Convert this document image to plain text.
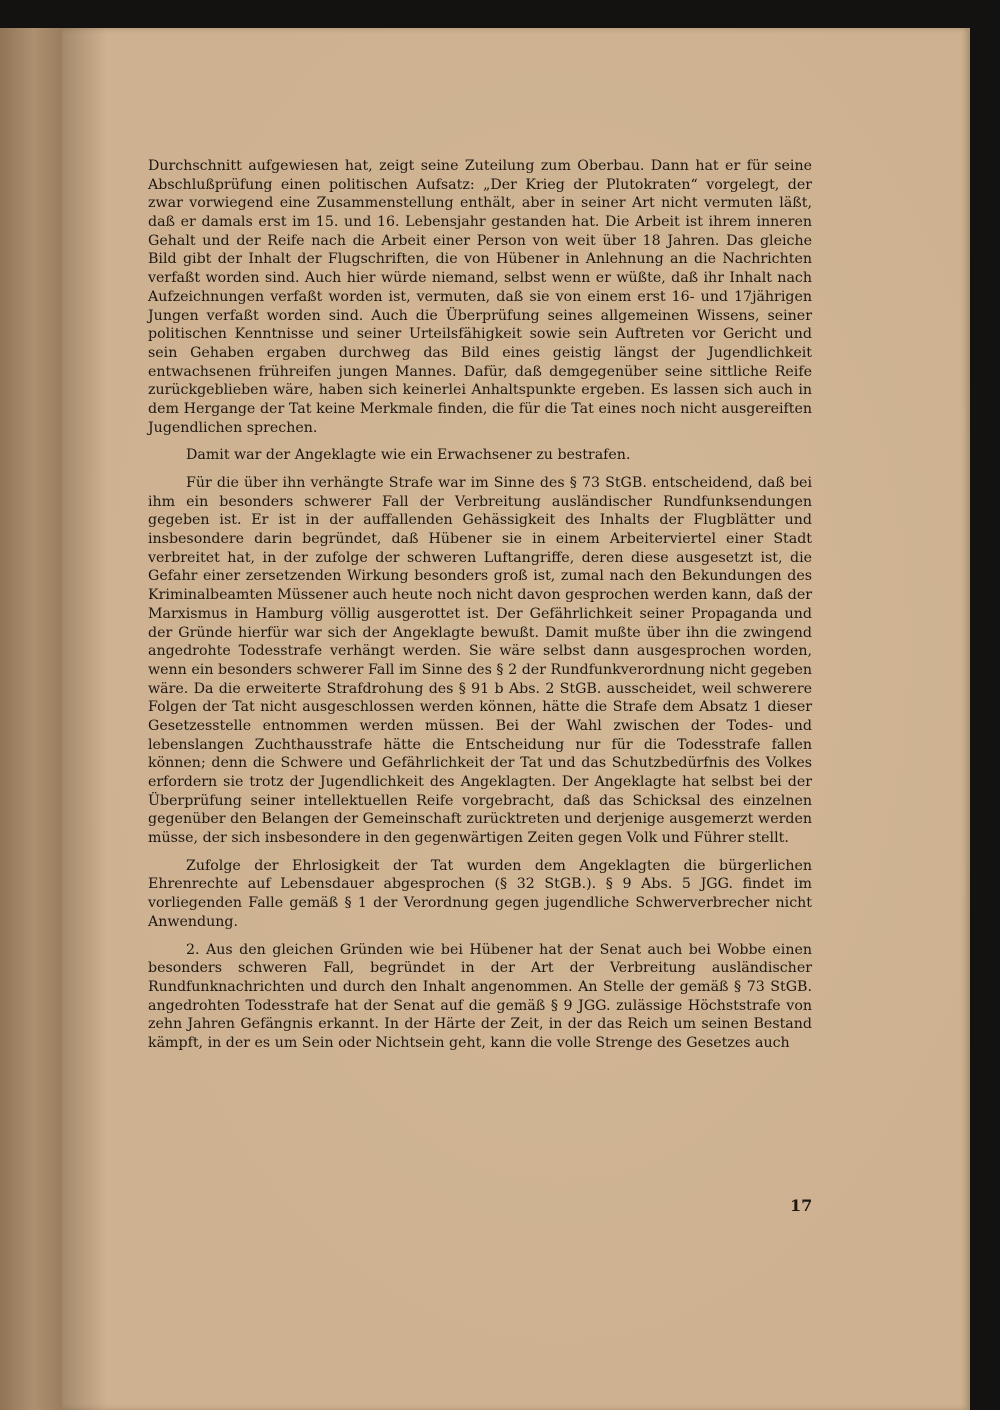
Durchschnitt aufgewiesen hat, zeigt seine Zuteilung zum Oberbau. Dann hat er für seine Abschlußprüfung einen politischen Aufsatz: „Der Krieg der Plutokraten“ vorgelegt, der zwar vorwiegend eine Zusammenstellung enthält, aber in seiner Art nicht vermuten läßt, daß er damals erst im 15. und 16. Lebensjahr gestanden hat. Die Arbeit ist ihrem inneren Gehalt und der Reife nach die Arbeit einer Person von weit über 18 Jahren. Das gleiche Bild gibt der Inhalt der Flugschriften, die von Hübener in Anlehnung an die Nachrichten verfaßt worden sind. Auch hier würde niemand, selbst wenn er wüßte, daß ihr Inhalt nach Aufzeichnungen verfaßt worden ist, vermuten, daß sie von einem erst 16- und 17jährigen Jungen verfaßt worden sind. Auch die Überprüfung seines allgemeinen Wissens, seiner politischen Kenntnisse und seiner Urteilsfähigkeit sowie sein Auftreten vor Gericht und sein Gehaben ergaben durchweg das Bild eines geistig längst der Jugendlichkeit entwachsenen frühreifen jungen Mannes. Dafür, daß demgegenüber seine sittliche Reife zurückgeblieben wäre, haben sich keinerlei Anhaltspunkte ergeben. Es lassen sich auch in dem Hergange der Tat keine Merkmale finden, die für die Tat eines noch nicht ausgereiften Jugendlichen sprechen.

Damit war der Angeklagte wie ein Erwachsener zu bestrafen.

Für die über ihn verhängte Strafe war im Sinne des § 73 StGB. entscheidend, daß bei ihm ein besonders schwerer Fall der Verbreitung ausländischer Rundfunksendungen gegeben ist. Er ist in der auffallenden Gehässigkeit des Inhalts der Flugblätter und insbesondere darin begründet, daß Hübener sie in einem Arbeiterviertel einer Stadt verbreitet hat, in der zufolge der schweren Luftangriffe, deren diese ausgesetzt ist, die Gefahr einer zersetzenden Wirkung besonders groß ist, zumal nach den Bekundungen des Kriminalbeamten Müssener auch heute noch nicht davon gesprochen werden kann, daß der Marxismus in Hamburg völlig ausgerottet ist. Der Gefährlichkeit seiner Propaganda und der Gründe hierfür war sich der Angeklagte bewußt. Damit mußte über ihn die zwingend angedrohte Todesstrafe verhängt werden. Sie wäre selbst dann ausgesprochen worden, wenn ein besonders schwerer Fall im Sinne des § 2 der Rundfunkverordnung nicht gegeben wäre. Da die erweiterte Strafdrohung des § 91 b Abs. 2 StGB. ausscheidet, weil schwerere Folgen der Tat nicht ausgeschlossen werden können, hätte die Strafe dem Absatz 1 dieser Gesetzesstelle entnommen werden müssen. Bei der Wahl zwischen der Todes- und lebenslangen Zuchthausstrafe hätte die Entscheidung nur für die Todesstrafe fallen können; denn die Schwere und Gefährlichkeit der Tat und das Schutzbedürfnis des Volkes erfordern sie trotz der Jugendlichkeit des Angeklagten. Der Angeklagte hat selbst bei der Überprüfung seiner intellektuellen Reife vorgebracht, daß das Schicksal des einzelnen gegenüber den Belangen der Gemeinschaft zurücktreten und derjenige ausgemerzt werden müsse, der sich insbesondere in den gegenwärtigen Zeiten gegen Volk und Führer stellt.

Zufolge der Ehrlosigkeit der Tat wurden dem Angeklagten die bürgerlichen Ehrenrechte auf Lebensdauer abgesprochen (§ 32 StGB.). § 9 Abs. 5 JGG. findet im vorliegenden Falle gemäß § 1 der Verordnung gegen jugendliche Schwerverbrecher nicht Anwendung.

2. Aus den gleichen Gründen wie bei Hübener hat der Senat auch bei Wobbe einen besonders schweren Fall, begründet in der Art der Verbreitung ausländischer Rundfunknachrichten und durch den Inhalt angenommen. An Stelle der gemäß § 73 StGB. angedrohten Todesstrafe hat der Senat auf die gemäß § 9 JGG. zulässige Höchststrafe von zehn Jahren Gefängnis erkannt. In der Härte der Zeit, in der das Reich um seinen Bestand kämpft, in der es um Sein oder Nichtsein geht, kann die volle Strenge des Gesetzes auch

17
